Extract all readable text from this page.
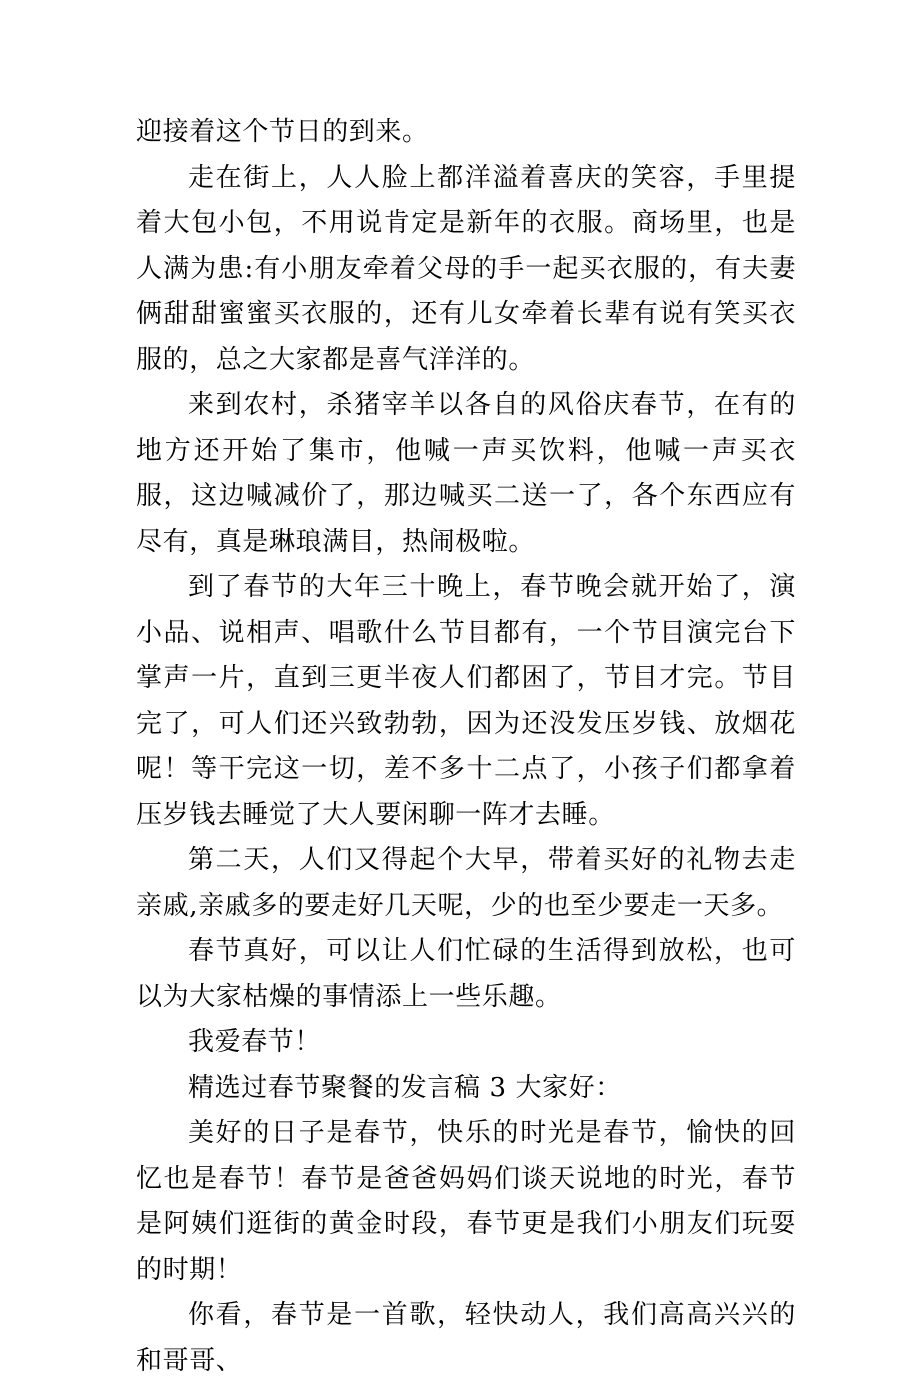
迎接着这个节日的到来。

走在街上，人人脸上都洋溢着喜庆的笑容，手里提着大包小包，不用说肯定是新年的衣服。商场里，也是人满为患:有小朋友牵着父母的手一起买衣服的，有夫妻俩甜甜蜜蜜买衣服的，还有儿女牵着长辈有说有笑买衣服的，总之大家都是喜气洋洋的。

来到农村，杀猪宰羊以各自的风俗庆春节，在有的地方还开始了集市，他喊一声买饮料，他喊一声买衣服，这边喊减价了，那边喊买二送一了，各个东西应有尽有，真是琳琅满目，热闹极啦。

到了春节的大年三十晚上，春节晚会就开始了，演小品、说相声、唱歌什么节目都有，一个节目演完台下掌声一片，直到三更半夜人们都困了，节目才完。节目完了，可人们还兴致勃勃，因为还没发压岁钱、放烟花呢！等干完这一切，差不多十二点了，小孩子们都拿着压岁钱去睡觉了大人要闲聊一阵才去睡。

第二天，人们又得起个大早，带着买好的礼物去走亲戚,亲戚多的要走好几天呢，少的也至少要走一天多。

春节真好，可以让人们忙碌的生活得到放松，也可以为大家枯燥的事情添上一些乐趣。

我爱春节！

精选过春节聚餐的发言稿 3 大家好：

美好的日子是春节，快乐的时光是春节，愉快的回忆也是春节！春节是爸爸妈妈们谈天说地的时光，春节是阿姨们逛街的黄金时段，春节更是我们小朋友们玩耍的时期！

你看，春节是一首歌，轻快动人，我们高高兴兴的和哥哥、
